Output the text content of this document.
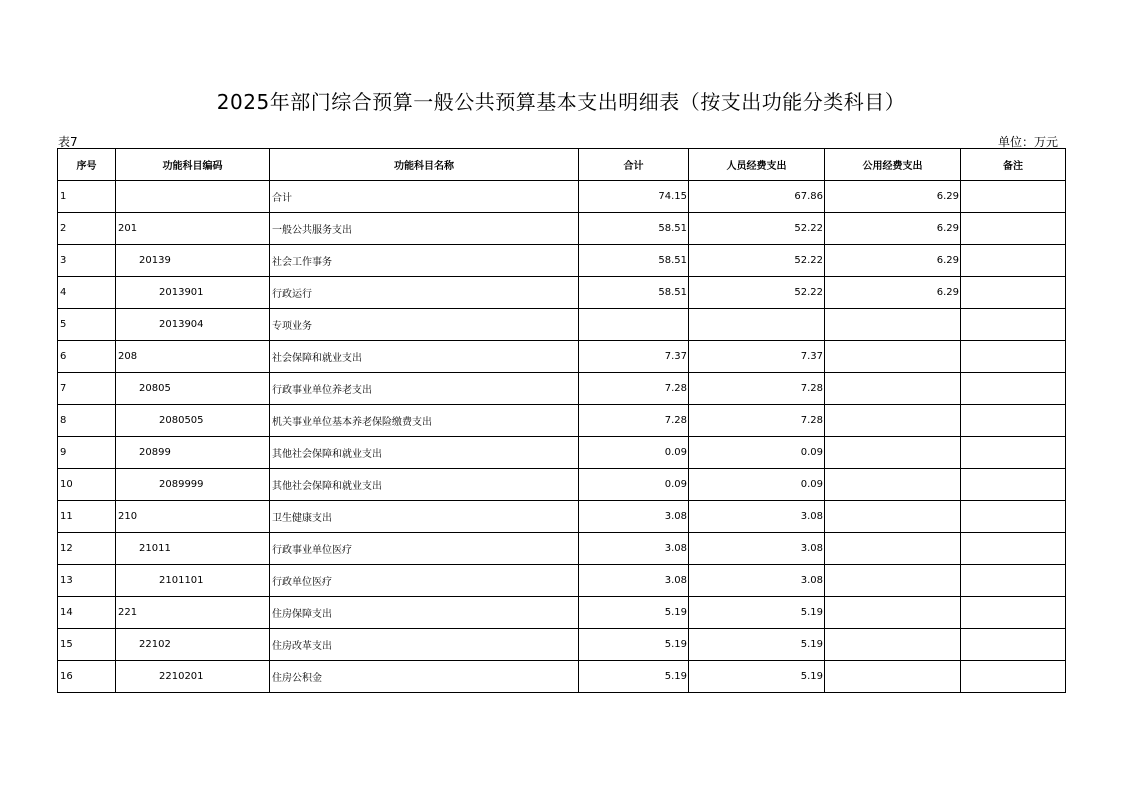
2025年部门综合预算一般公共预算基本支出明细表（按支出功能分类科目）
表7	单位：万元
序号	功能科目编码	功能科目名称	合计	人员经费支出	公用经费支出	备注
1		合计	74.15	67.86	6.29	
2	201	一般公共服务支出	58.51	52.22	6.29	
3	20139	社会工作事务	58.51	52.22	6.29	
4	2013901	行政运行	58.51	52.22	6.29	
5	2013904	专项业务				
6	208	社会保障和就业支出	7.37	7.37		
7	20805	行政事业单位养老支出	7.28	7.28		
8	2080505	机关事业单位基本养老保险缴费支出	7.28	7.28		
9	20899	其他社会保障和就业支出	0.09	0.09		
10	2089999	其他社会保障和就业支出	0.09	0.09		
11	210	卫生健康支出	3.08	3.08		
12	21011	行政事业单位医疗	3.08	3.08		
13	2101101	行政单位医疗	3.08	3.08		
14	221	住房保障支出	5.19	5.19		
15	22102	住房改革支出	5.19	5.19		
16	2210201	住房公积金	5.19	5.19		
